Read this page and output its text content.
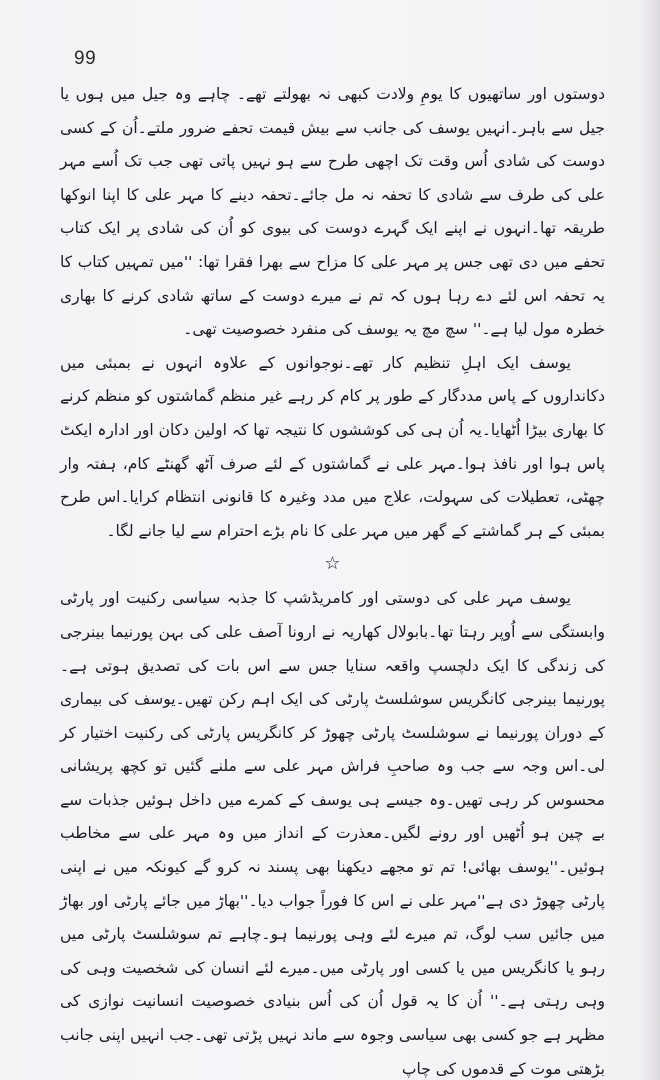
99

دوستوں اور ساتھیوں کا یومِ ولادت کبھی نہ بھولتے تھے۔ چاہے وہ جیل میں ہوں یا جیل سے باہر۔انہیں یوسف کی جانب سے بیش قیمت تحفے ضرور ملتے۔اُن کے کسی دوست کی شادی اُس وقت تک اچھی طرح سے ہو نہیں پاتی تھی جب تک اُسے مہر علی کی طرف سے شادی کا تحفہ نہ مل جائے۔تحفہ دینے کا مہر علی کا اپنا انوکھا طریقہ تھا۔انہوں نے اپنے ایک گہرے دوست کی بیوی کو اُن کی شادی پر ایک کتاب تحفے میں دی تھی جس پر مہر علی کا مزاح سے بھرا فقرا تھا: ''میں تمہیں کتاب کا یہ تحفہ اس لئے دے رہا ہوں کہ تم نے میرے دوست کے ساتھ شادی کرنے کا بھاری خطرہ مول لیا ہے۔'' سچ مچ یہ یوسف کی منفرد خصوصیت تھی۔

یوسف ایک اہلِ تنظیم کار تھے۔نوجوانوں کے علاوہ انہوں نے بمبئی میں دکانداروں کے پاس مددگار کے طور پر کام کر رہے غیر منظم گماشتوں کو منظم کرنے کا بھاری بیڑا اُٹھایا۔یہ اُن ہی کی کوششوں کا نتیجہ تھا کہ اولین دکان اور ادارہ ایکٹ پاس ہوا اور نافذ ہوا۔مہر علی نے گماشتوں کے لئے صرف آٹھ گھنٹے کام، ہفتہ وار چھٹی، تعطیلات کی سہولت، علاج میں مدد وغیرہ کا قانونی انتظام کرایا۔اس طرح بمبئی کے ہر گماشتے کے گھر میں مہر علی کا نام بڑے احترام سے لیا جانے لگا۔

☆

یوسف مہر علی کی دوستی اور کامریڈشپ کا جذبہ سیاسی رکنیت اور پارٹی وابستگی سے اُوپر رہتا تھا۔بابولال کھاریہ نے ارونا آصف علی کی بہن پورنیما بینرجی کی زندگی کا ایک دلچسپ واقعہ سنایا جس سے اس بات کی تصدیق ہوتی ہے۔پورنیما بینرجی کانگریس سوشلسٹ پارٹی کی ایک اہم رکن تھیں۔یوسف کی بیماری کے دوران پورنیما نے سوشلسٹ پارٹی چھوڑ کر کانگریس پارٹی کی رکنیت اختیار کر لی۔اس وجہ سے جب وہ صاحبِ فراش مہر علی سے ملنے گئیں تو کچھ پریشانی محسوس کر رہی تھیں۔وہ جیسے ہی یوسف کے کمرے میں داخل ہوئیں جذبات سے بے چین ہو اُٹھیں اور رونے لگیں۔معذرت کے انداز میں وہ مہر علی سے مخاطب ہوئیں۔''یوسف بھائی! تم تو مجھے دیکھنا بھی پسند نہ کرو گے کیونکہ میں نے اپنی پارٹی چھوڑ دی ہے''مہر علی نے اس کا فوراً جواب دیا۔''بھاڑ میں جائے پارٹی اور بھاڑ میں جائیں سب لوگ، تم میرے لئے وہی پورنیما ہو۔چاہے تم سوشلسٹ پارٹی میں رہو یا کانگریس میں یا کسی اور پارٹی میں۔میرے لئے انسان کی شخصیت وہی کی وہی رہتی ہے۔'' اُن کا یہ قول اُن کی اُس بنیادی خصوصیت انسانیت نوازی کی مظہر ہے جو کسی بھی سیاسی وجوہ سے ماند نہیں پڑتی تھی۔جب انہیں اپنی جانب بڑھتی موت کے قدموں کی چاپ
